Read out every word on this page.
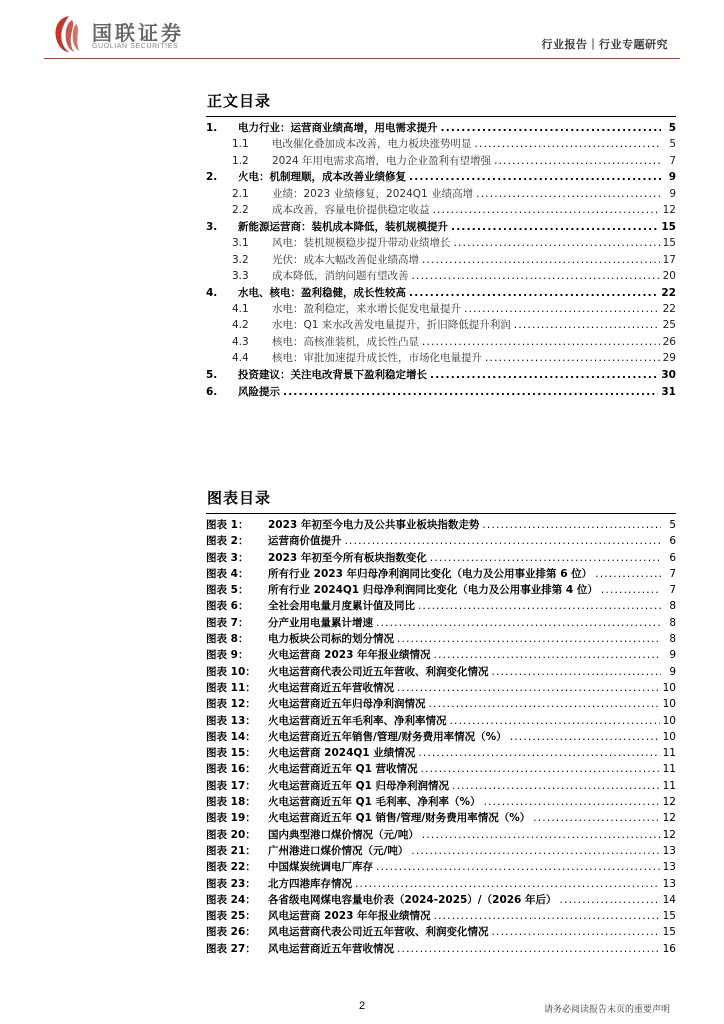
国联证券
GUOLIAN SECURITIES	行业报告｜行业专题研究
正文目录
1.	电力行业：运营商业绩高增，用电需求提升 .....	5
1.1	电改催化叠加成本改善，电力板块涨势明显 .....	5
1.2	2024 年用电需求高增，电力企业盈利有望增强 .....	7
2.	火电：机制理顺，成本改善业绩修复 .....	9
2.1	业绩：2023 业绩修复，2024Q1 业绩高增 .....	9
2.2	成本改善，容量电价提供稳定收益 .....	12
3.	新能源运营商：装机成本降低，装机规模提升 .....	15
3.1	风电：装机规模稳步提升带动业绩增长 .....	15
3.2	光伏：成本大幅改善促业绩高增 .....	17
3.3	成本降低，消纳问题有望改善 .....	20
4.	水电、核电：盈利稳健，成长性较高 .....	22
4.1	水电：盈利稳定，来水增长促发电量提升 .....	22
4.2	水电：Q1 来水改善发电量提升，折旧降低提升利润 .....	25
4.3	核电：高核准装机，成长性凸显 .....	26
4.4	核电：审批加速提升成长性，市场化电量提升 .....	29
5.	投资建议：关注电改背景下盈利稳定增长 .....	30
6.	风险提示 .....	31
图表目录
图表 1：	2023 年初至今电力及公共事业板块指数走势 .....	5
图表 2：	运营商价值提升 .....	6
图表 3：	2023 年初至今所有板块指数变化 .....	6
图表 4：	所有行业 2023 年归母净利润同比变化（电力及公用事业排第 6 位） .....	7
图表 5：	所有行业 2024Q1 归母净利润同比变化（电力及公用事业排第 4 位） .....	7
图表 6：	全社会用电量月度累计值及同比 .....	8
图表 7：	分产业用电量累计增速 .....	8
图表 8：	电力板块公司标的划分情况 .....	8
图表 9：	火电运营商 2023 年年报业绩情况 .....	9
图表 10：	火电运营商代表公司近五年营收、利润变化情况 .....	9
图表 11：	火电运营商近五年营收情况 .....	10
图表 12：	火电运营商近五年归母净利润情况 .....	10
图表 13：	火电运营商近五年毛利率、净利率情况 .....	10
图表 14：	火电运营商近五年销售/管理/财务费用率情况（%） .....	10
图表 15：	火电运营商 2024Q1 业绩情况 .....	11
图表 16：	火电运营商近五年 Q1 营收情况 .....	11
图表 17：	火电运营商近五年 Q1 归母净利润情况 .....	11
图表 18：	火电运营商近五年 Q1 毛利率、净利率（%） .....	12
图表 19：	火电运营商近五年 Q1 销售/管理/财务费用率情况（%） .....	12
图表 20：	国内典型港口煤价情况（元/吨） .....	12
图表 21：	广州港进口煤价情况（元/吨） .....	13
图表 22：	中国煤炭统调电厂库存 .....	13
图表 23：	北方四港库存情况 .....	13
图表 24：	各省级电网煤电容量电价表（2024-2025）/（2026 年后） .....	14
图表 25：	风电运营商 2023 年年报业绩情况 .....	15
图表 26：	风电运营商代表公司近五年营收、利润变化情况 .....	15
图表 27：	风电运营商近五年营收情况 .....	16
2	请务必阅读报告末页的重要声明
